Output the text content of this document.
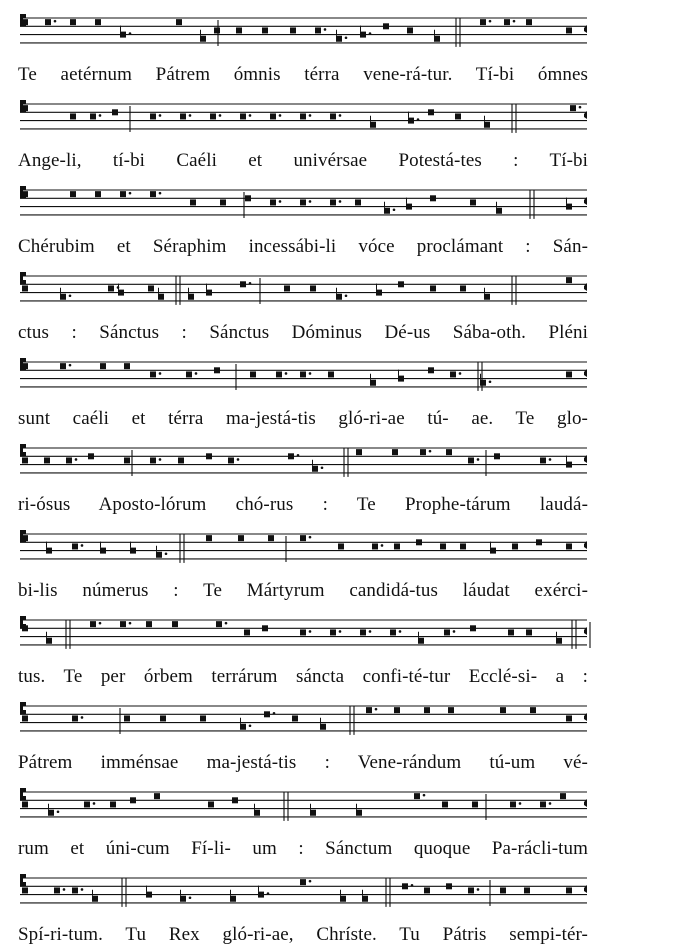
Te aetérnum Pátrem ómnis térra vene-rá-tur. Tí-bi ómnes
Ange-li, tí-bi Caéli et univérsae Potestá-tes : Tí-bi
Chérubim et Séraphim incessábi-li vóce proclámant : Sán-
ctus : Sánctus : Sánctus Dóminus Dé-us Sába-oth. Pléni
sunt caéli et térra ma-jestá-tis gló-ri-ae tú- ae. Te glo-
ri-ósus Aposto-lórum chó-rus : Te Prophe-tárum laudá-
bi-lis númerus : Te Mártyrum candidá-tus láudat exérci-
tus. Te per órbem terrárum sáncta confi-té-tur Ecclé-si- a :
Pátrem imménsae ma-jestá-tis : Vene-rándum tú-um vé-
rum et úni-cum Fí-li- um : Sánctum quoque Pa-rácli-tum
Spí-ri-tum. Tu Rex gló-ri-ae, Chríste. Tu Pátris sempi-tér-
